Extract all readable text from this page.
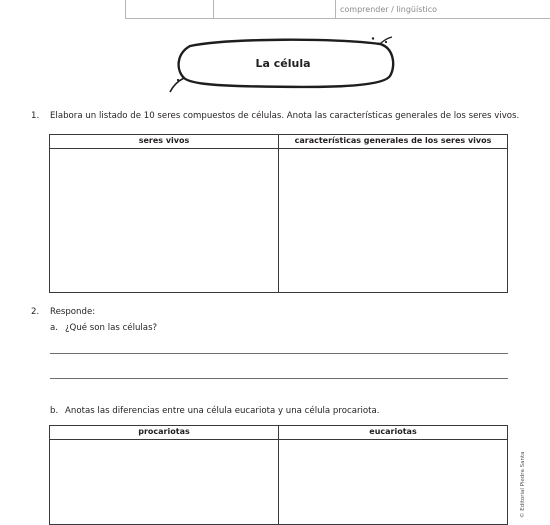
comprender / lingüístico
La célula
1. Elabora un listado de 10 seres compuestos de células. Anota las características generales de los seres vivos.
seres vivos	características generales de los seres vivos
2. Responde:
a. ¿Qué son las células?
b. Anotas las diferencias entre una célula eucariota y una célula procariota.
procariotas	eucariotas
© Editorial Piedra Santa
